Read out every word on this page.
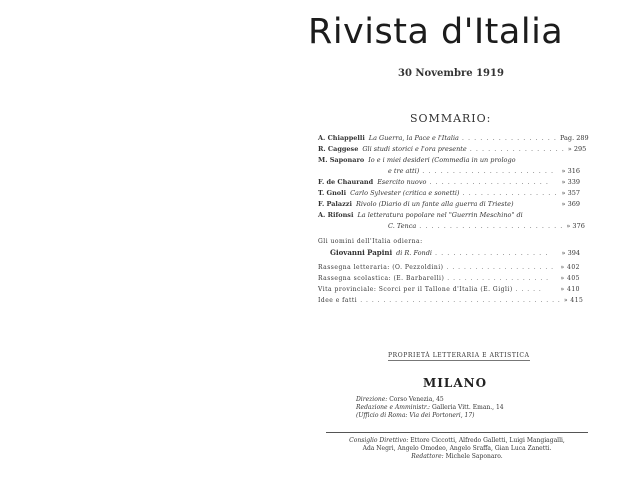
Rivista d'Italia
30 Novembre 1919
SOMMARIO:
A. Chiappelli La Guerra, la Pace e l'Italia . . . . . . . . . . . . . . . . Pag. 289
R. Caggese Gli studi storici e l'ora presente . . . . . . . . . . . . . . . . » 295
M. Saponaro Io e i miei desideri (Commedia in un prologo
e tre atti) . . . . . . . . . . . . . . . . . . . . . .	» 316
F. de Chaurand Esercito nuovo . . . . . . . . . . . . . . . . . . . .	» 339
T. Gnoli Carlo Sylvester (critica e sonetti) . . . . . . . . . . . . . . . . » 357
F. Palazzi Rivolo (Diario di un fante alla guerra di Trieste)	» 369
A. Rifonsi La letteratura popolare nel "Guerrin Meschino" di
C. Tenca . . . . . . . . . . . . . . . . . . . . . . . . » 376
Gli uomini dell'Italia odierna:
Giovanni Papini di R. Fondi . . . . . . . . . . . . . . . . . . .	» 394
Rassegna letteraria: (O. Pezzoldini) . . . . . . . . . . . . . . . . . . .	» 402
Rassegna scolastica: (E. Barbarelli) . . . . . . . . . . . . . . . . . .	» 405
Vita provinciale: Scorci per il Tallone d'Italia (E. Gigli) . . . . .	» 410
Idee e fatti . . . . . . . . . . . . . . . . . . . . . . . . . . . . . . . . . . . » 415
PROPRIETÀ LETTERARIA E ARTISTICA
MILANO
Direzione: Corso Venezia, 45
Redazione e Amministr.: Galleria Vitt. Eman., 14
(Ufficio di Roma: Via dei Portoneri, 17)
Consiglio Direttivo: Ettore Ciccotti, Alfredo Galletti, Luigi Mangiagalli,
Ada Negri, Angelo Omodeo, Angelo Sraffa, Gian Luca Zanetti.
Redattore: Michele Saponaro.
